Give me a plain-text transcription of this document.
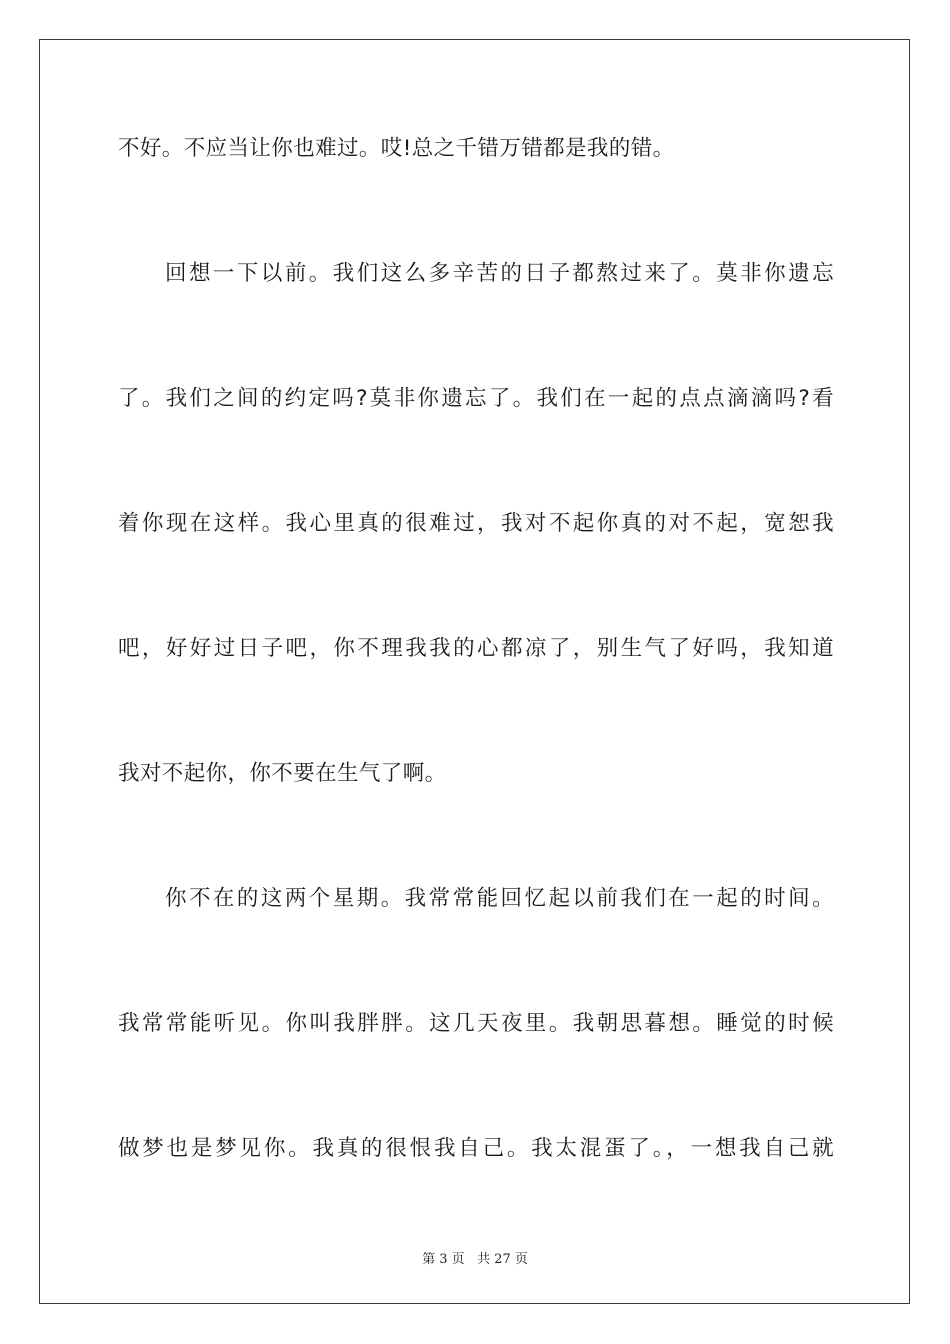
不好。不应当让你也难过。哎!总之千错万错都是我的错。

回想一下以前。我们这么多辛苦的日子都熬过来了。莫非你遗忘

了。我们之间的约定吗?莫非你遗忘了。我们在一起的点点滴滴吗?看

着你现在这样。我心里真的很难过，我对不起你真的对不起，宽恕我

吧，好好过日子吧，你不理我我的心都凉了，别生气了好吗，我知道

我对不起你，你不要在生气了啊。

你不在的这两个星期。我常常能回忆起以前我们在一起的时间。

我常常能听见。你叫我胖胖。这几天夜里。我朝思暮想。睡觉的时候

做梦也是梦见你。我真的很恨我自己。我太混蛋了。，一想我自己就

第 3 页 共 27 页
